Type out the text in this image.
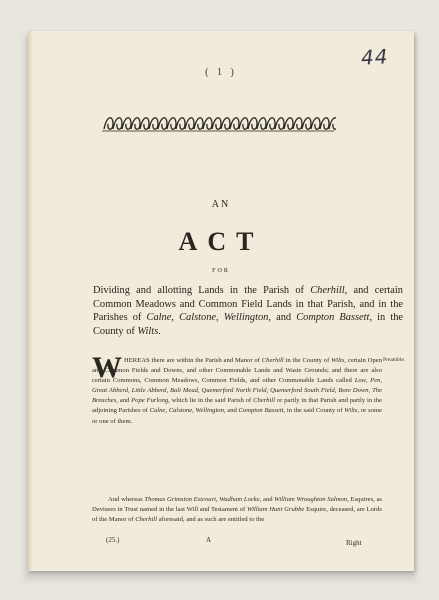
44
( 1 )
AN
ACT
FOR
Dividing and allotting Lands in the Parish of Cherhill, and certain Common Meadows and Common Field Lands in that Parish, and in the Parishes of Calne, Calstone, Wellington, and Compton Bassett, in the County of Wilts.
Preamble.
W HEREAS there are within the Parish and Manor of Cherhill in the County of Wilts, certain Open and Common Fields and Downs, and other Commonable Lands and Waste Grounds; and there are also certain Commons, Common Meadows, Common Fields, and other Commonable Lands called Low, Pen, Great Abberd, Little Abberd, Bali Mead, Quemerford North Field, Quemerford South Field, Bore Down, The Breaches, and Pope Furlong, which lie in the said Parish of Cherhill or partly in that Parish and partly in the adjoining Parishes of Calne, Calstone, Wellington, and Compton Bassett, in the said County of Wilts, or some or one of them.
And whereas Thomas Grimston Estcourt, Wadham Locke, and William Wroughton Salmon, Esquires, as Devisees in Trust named in the last Will and Testament of William Hunt Grubbe Esquire, deceased, are Lords of the Manor of Cherhill aforesaid, and as such are entitled to the
(25.)	A	Right
